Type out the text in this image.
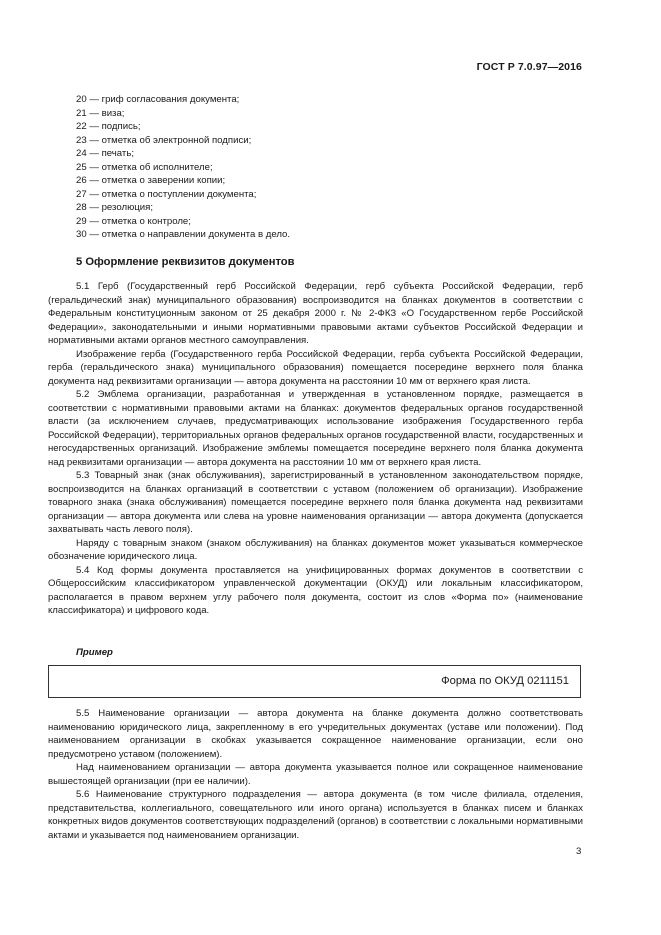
ГОСТ Р 7.0.97—2016
20 — гриф согласования документа;
21 — виза;
22 — подпись;
23 — отметка об электронной подписи;
24 — печать;
25 — отметка об исполнителе;
26 — отметка о заверении копии;
27 — отметка о поступлении документа;
28 — резолюция;
29 — отметка о контроле;
30 — отметка о направлении документа в дело.
5 Оформление реквизитов документов

5.1 Герб (Государственный герб Российской Федерации, герб субъекта Российской Федерации, герб (геральдический знак) муниципального образования) воспроизводится на бланках документов в соответствии с Федеральным конституционным законом от 25 декабря 2000 г. № 2-ФКЗ «О Государственном гербе Российской Федерации», законодательными и иными нормативными правовыми актами субъектов Российской Федерации и нормативными актами органов местного самоуправления.

Изображение герба (Государственного герба Российской Федерации, герба субъекта Российской Федерации, герба (геральдического знака) муниципального образования) помещается посередине верхнего поля бланка документа над реквизитами организации — автора документа на расстоянии 10 мм от верхнего края листа.

5.2 Эмблема организации, разработанная и утвержденная в установленном порядке, размещается в соответствии с нормативными правовыми актами на бланках: документов федеральных органов государственной власти (за исключением случаев, предусматривающих использование изображения Государственного герба Российской Федерации), территориальных органов федеральных органов государственной власти, государственных и негосударственных организаций. Изображение эмблемы помещается посередине верхнего поля бланка документа над реквизитами организации — автора документа на расстоянии 10 мм от верхнего края листа.

5.3 Товарный знак (знак обслуживания), зарегистрированный в установленном законодательством порядке, воспроизводится на бланках организаций в соответствии с уставом (положением об организации). Изображение товарного знака (знака обслуживания) помещается посередине верхнего поля бланка документа над реквизитами организации — автора документа или слева на уровне наименования организации — автора документа (допускается захватывать часть левого поля).

Наряду с товарным знаком (знаком обслуживания) на бланках документов может указываться коммерческое обозначение юридического лица.

5.4 Код формы документа проставляется на унифицированных формах документов в соответствии с Общероссийским классификатором управленческой документации (ОКУД) или локальным классификатором, располагается в правом верхнем углу рабочего поля документа, состоит из слов «Форма по» (наименование классификатора) и цифрового кода.

Пример
Форма по ОКУД 0211151

5.5 Наименование организации — автора документа на бланке документа должно соответствовать наименованию юридического лица, закрепленному в его учредительных документах (уставе или положении). Под наименованием организации в скобках указывается сокращенное наименование организации, если оно предусмотрено уставом (положением).

Над наименованием организации — автора документа указывается полное или сокращенное наименование вышестоящей организации (при ее наличии).

5.6 Наименование структурного подразделения — автора документа (в том числе филиала, отделения, представительства, коллегиального, совещательного или иного органа) используется в бланках писем и бланках конкретных видов документов соответствующих подразделений (органов) в соответствии с локальными нормативными актами и указывается под наименованием организации.

3
